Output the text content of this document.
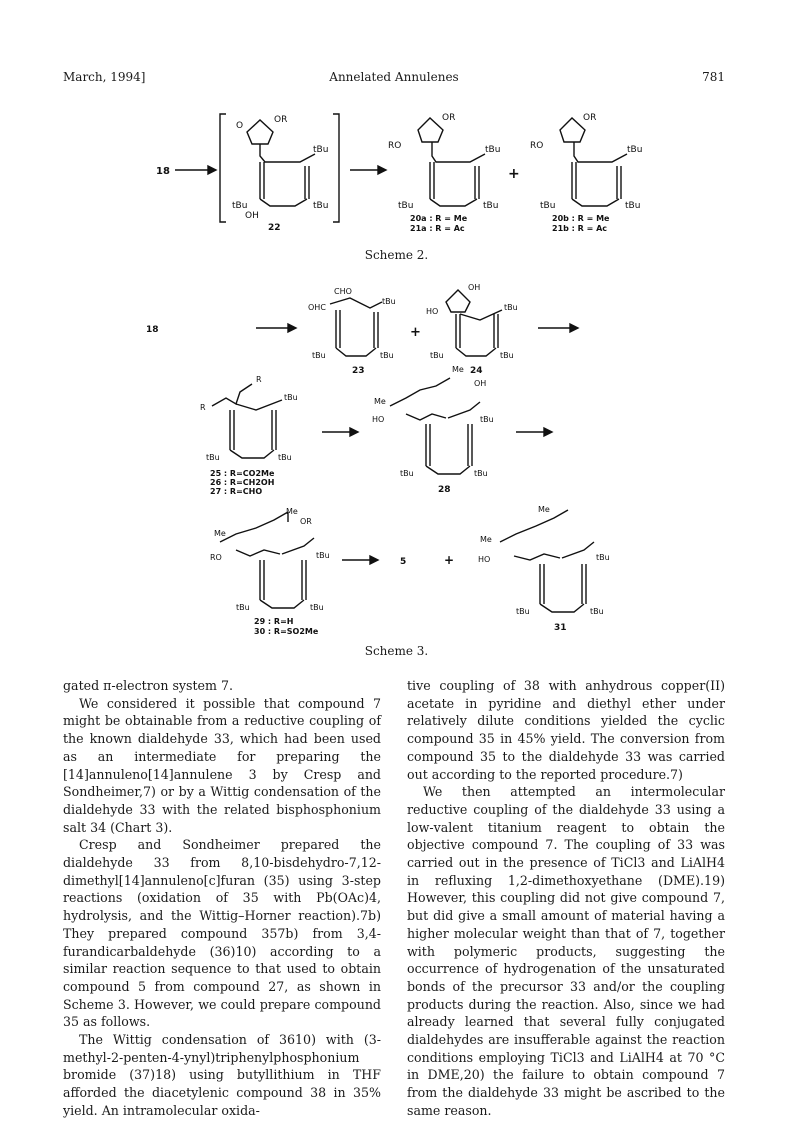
March, 1994]	Annelated Annulenes	781
18
O
OR
tBu
tBu	tBu
OH
22
RO
OR
tBu
tBu	tBu
20a : R = Me
21a : R = Ac
+
RO
OR
tBu
tBu	tBu
20b : R = Me
21b : R = Ac
Scheme 2.
18
CHO
OHC
tBu
tBu	tBu
23
+
OH
HO	tBu
tBu	tBu
24
R
R
tBu
tBu	tBu
25 : R=CO2Me
26 : R=CH2OH
27 : R=CHO
Me
OH
Me
HO	tBu
tBu	tBu
28
Me
OR
Me
RO	tBu
tBu	tBu
29 : R=H
30 : R=SO2Me
5	+
Me
Me
HO	tBu
tBu	tBu
31
Scheme 3.

gated π-electron system 7.

We considered it possible that compound 7 might be obtainable from a reductive coupling of the known dialdehyde 33, which had been used as an intermediate for preparing the [14]annuleno[14]annulene 3 by Cresp and Sondheimer,7) or by a Wittig condensation of the dialdehyde 33 with the related bisphosphonium salt 34 (Chart 3).

Cresp and Sondheimer prepared the dialdehyde 33 from 8,10-bisdehydro-7,12-dimethyl[14]annuleno[c]furan (35) using 3-step reactions (oxidation of 35 with Pb(OAc)4, hydrolysis, and the Wittig–Horner reaction).7b) They prepared compound 357b) from 3,4-furandicarbaldehyde (36)10) according to a similar reaction sequence to that used to obtain compound 5 from compound 27, as shown in Scheme 3. However, we could prepare compound 35 as follows.

The Wittig condensation of 3610) with (3-methyl-2-penten-4-ynyl)triphenylphosphonium bromide (37)18) using butyllithium in THF afforded the diacetylenic compound 38 in 35% yield. An intramolecular oxida-

tive coupling of 38 with anhydrous copper(II) acetate in pyridine and diethyl ether under relatively dilute conditions yielded the cyclic compound 35 in 45% yield. The conversion from compound 35 to the dialdehyde 33 was carried out according to the reported procedure.7)

We then attempted an intermolecular reductive coupling of the dialdehyde 33 using a low-valent titanium reagent to obtain the objective compound 7. The coupling of 33 was carried out in the presence of TiCl3 and LiAlH4 in refluxing 1,2-dimethoxyethane (DME).19) However, this coupling did not give compound 7, but did give a small amount of material having a higher molecular weight than that of 7, together with polymeric products, suggesting the occurrence of hydrogenation of the unsaturated bonds of the precursor 33 and/or the coupling products during the reaction. Also, since we had already learned that several fully conjugated dialdehydes are insufferable against the reaction conditions employing TiCl3 and LiAlH4 at 70 °C in DME,20) the failure to obtain compound 7 from the dialdehyde 33 might be ascribed to the same reason.
